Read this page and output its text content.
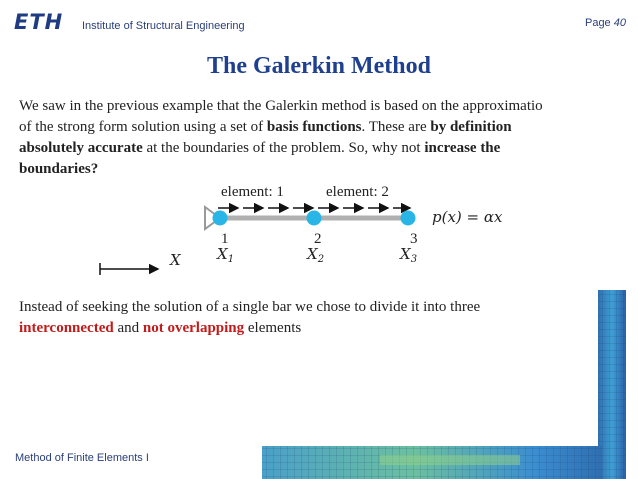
ETH Institute of Structural Engineering	Page 40
The Galerkin Method
We saw in the previous example that the Galerkin method is based on the approximatio
of the strong form solution using a set of basis functions. These are by definition
absolutely accurate at the boundaries of the problem. So, why not increase the
boundaries?
element: 1	element: 2
1	2	3
$X_1$	$X_2$	$X_3$
p(x) = αx
X
Instead of seeking the solution of a single bar we chose to divide it into three
interconnected and not overlapping elements
Method of Finite Elements I
